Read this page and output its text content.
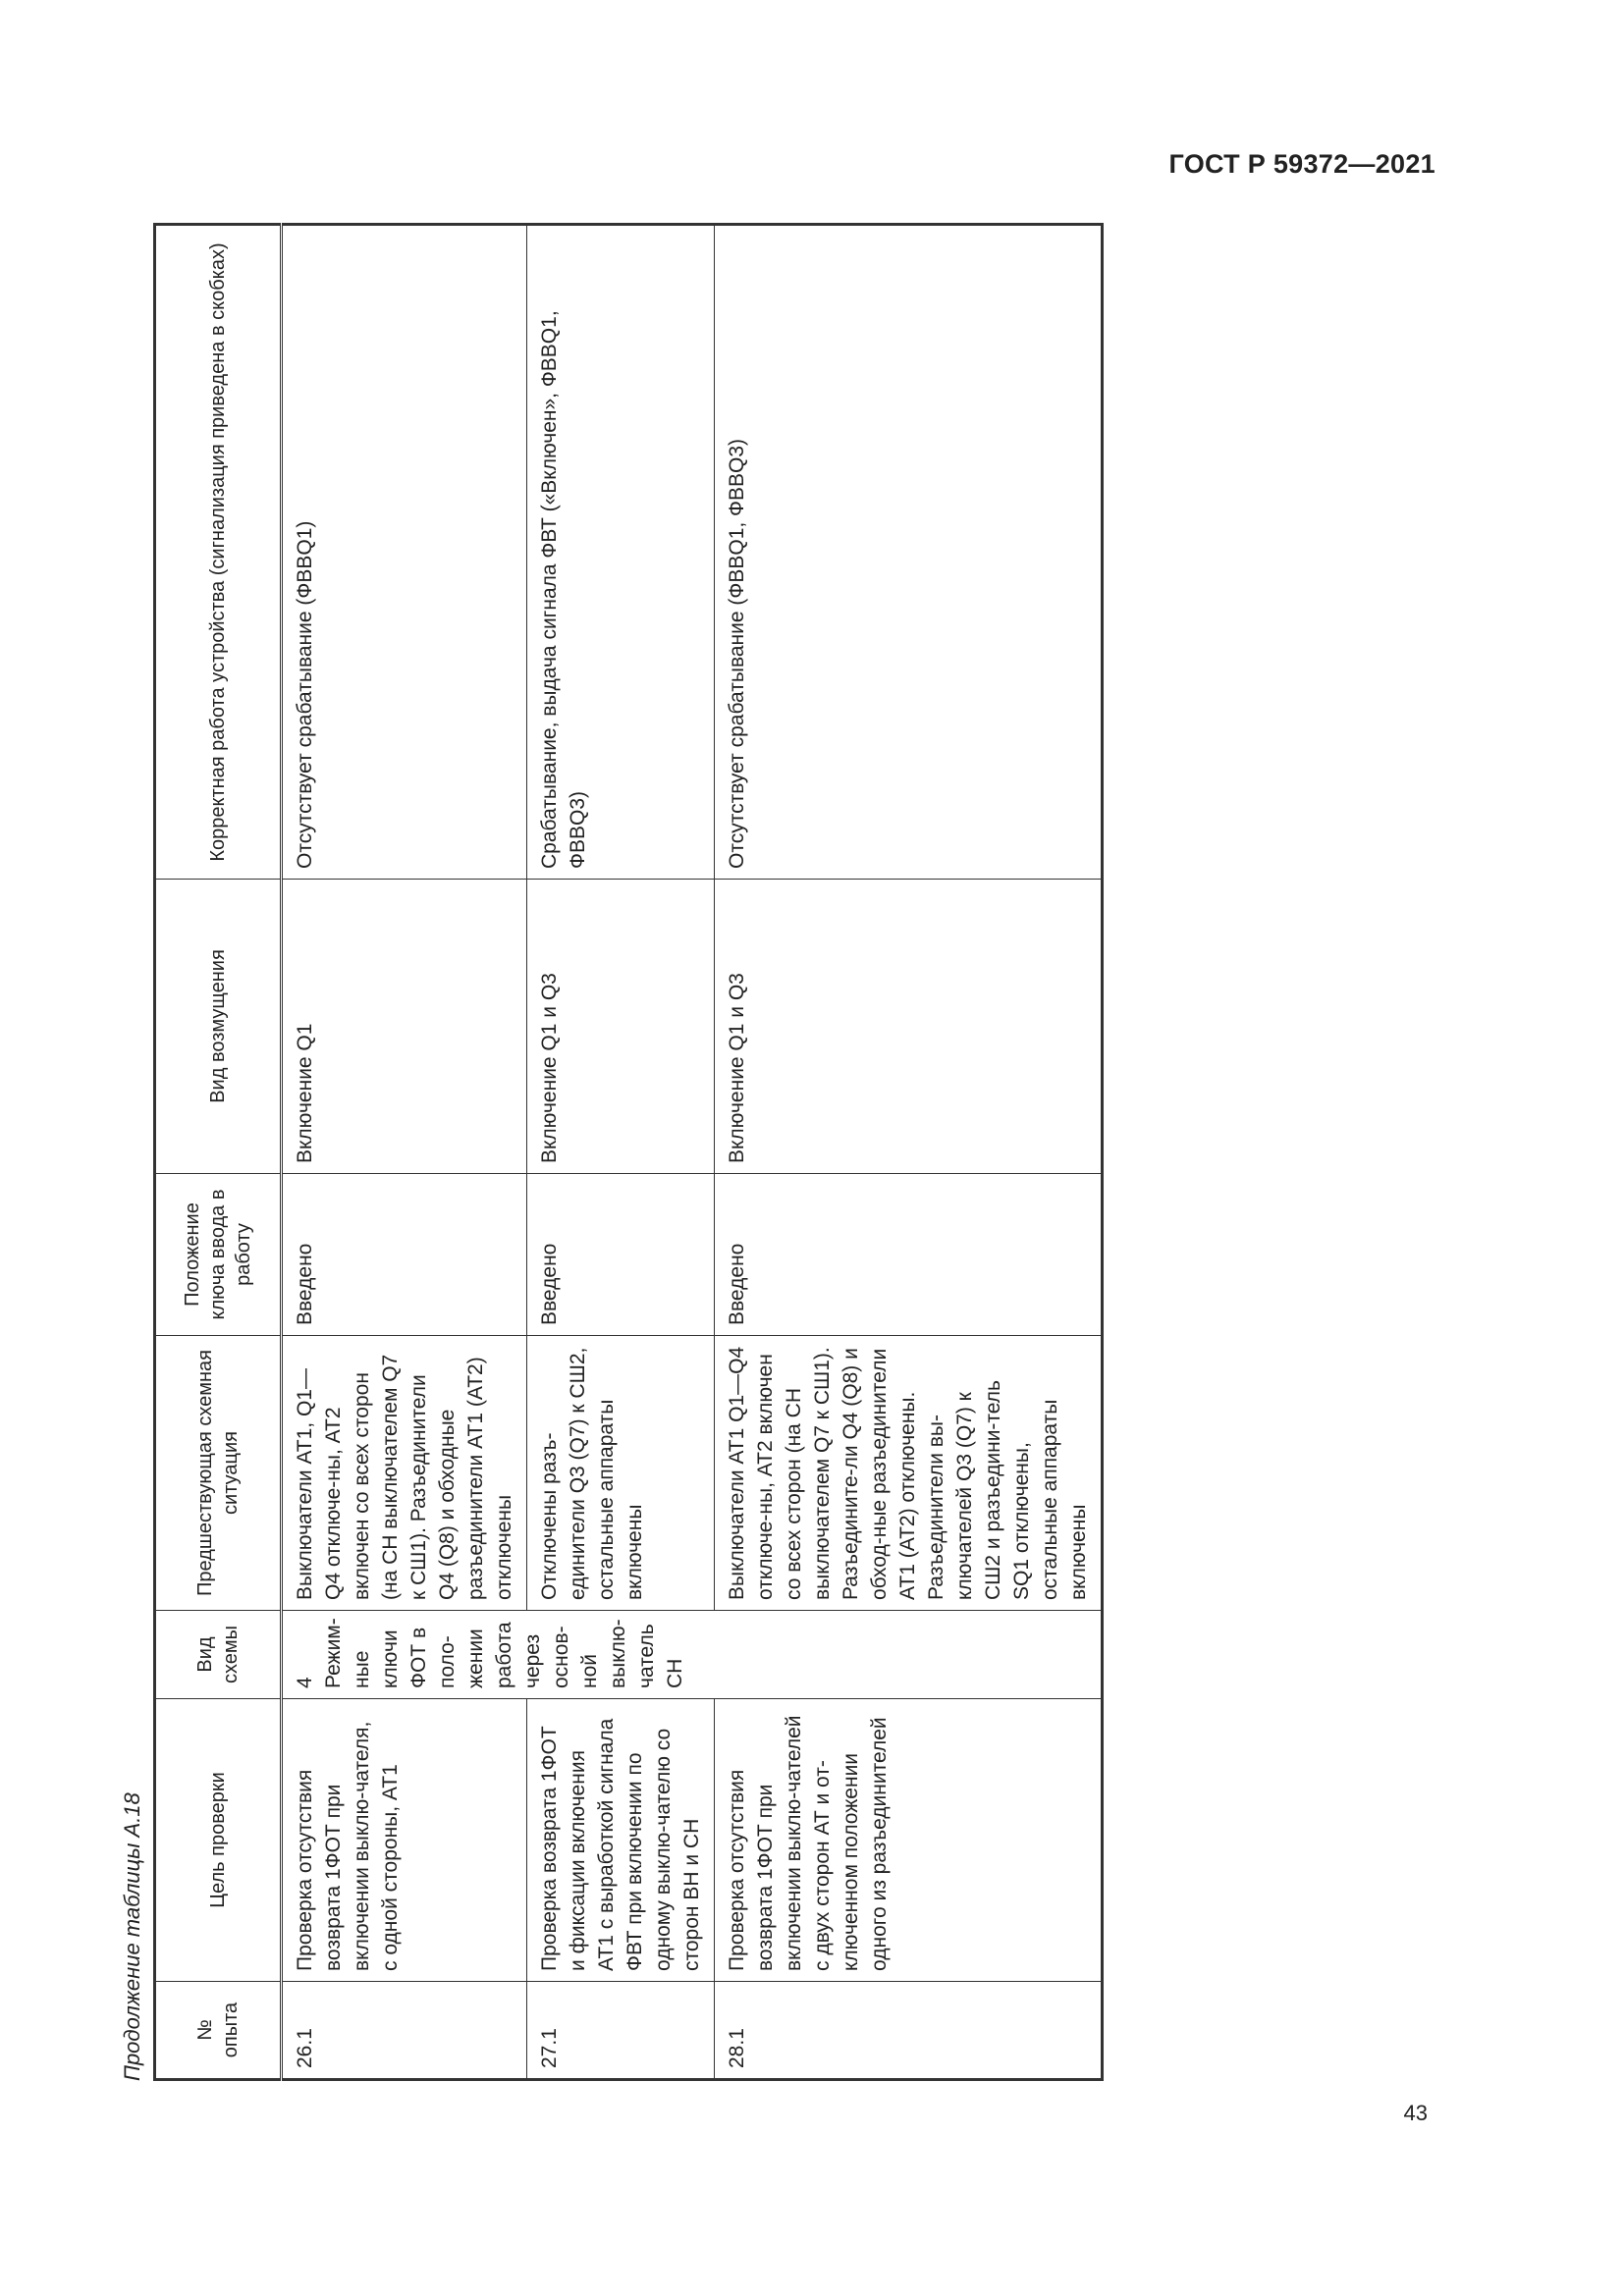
ГОСТ Р 59372—2021
Продолжение таблицы А.18	№ опыта	Цель проверки	Вид схемы	Предшествующая схемная ситуация	Положение ключа ввода в работу	Вид возмущения	Корректная работа устройства (сигнализация приведена в скобках)
26.1	Проверка отсутствия возврата 1ФОТ при включении выклю-чателя, с одной стороны, АТ1	4 Режим-ные ключи ФОТ в поло-жении работа через основ-ной выклю-чатель СН	Выключатели АТ1, Q1—Q4 отключе-ны, АТ2 включен со всех сторон (на СН выключателем Q7 к СШ1). Разъединители Q4 (Q8) и обходные разъединители АТ1 (АТ2) отключены	Введено	Включение Q1	Отсутствует срабатывание (ФВВQ1)
27.1	Проверка возврата 1ФОТ и фиксации включения АТ1 с выработкой сигнала ФВТ при включении по одному выклю-чателю со сторон ВН и СН		Отключены разъ-единители Q3 (Q7) к СШ2, остальные аппараты включены	Введено	Включение Q1 и Q3	Срабатывание, выдача сигнала ФВТ («Включен», ФВВQ1, ФВВQ3)
28.1	Проверка отсутствия возврата 1ФОТ при включении выклю-чателей с двух сторон АТ и от-ключенном положении одного из разъединителей		Выключатели АТ1 Q1—Q4 отключе-ны, АТ2 включен со всех сторон (на СН выключателем Q7 к СШ1). Разъедините-ли Q4 (Q8) и обход-ные разъединители АТ1 (АТ2) отключены. Разъединители вы-ключателей Q3 (Q7) к СШ2 и разъедини-тель SQ1 отключены, остальные аппараты включены	Введено	Включение Q1 и Q3	Отсутствует срабатывание (ФВВQ1, ФВВQ3)
43
